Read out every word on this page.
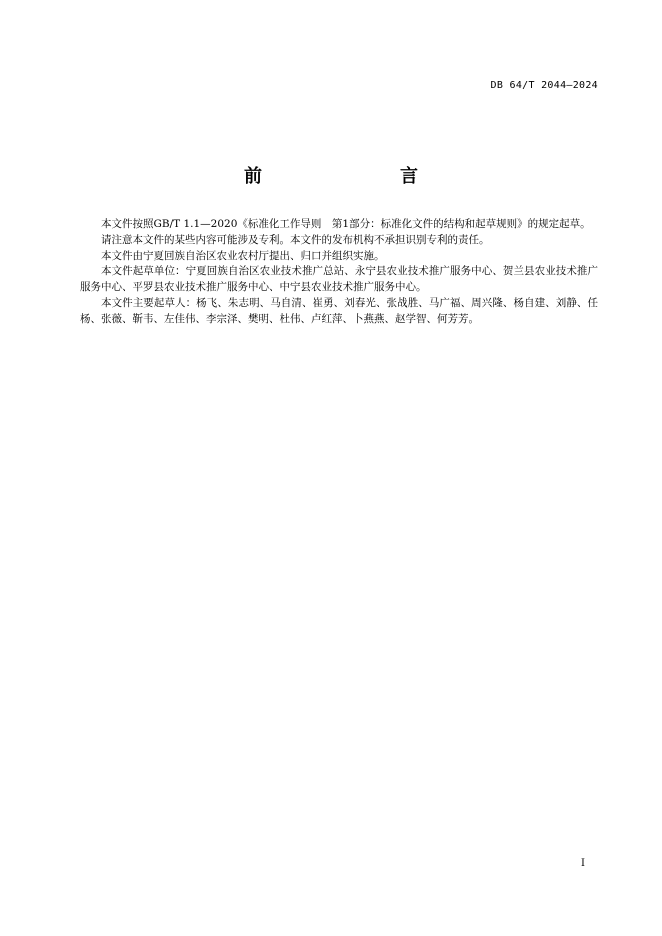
DB 64/T 2044—2024
前　　言

本文件按照GB/T 1.1—2020《标准化工作导则　第1部分：标准化文件的结构和起草规则》的规定起草。

请注意本文件的某些内容可能涉及专利。本文件的发布机构不承担识别专利的责任。

本文件由宁夏回族自治区农业农村厅提出、归口并组织实施。

本文件起草单位：宁夏回族自治区农业技术推广总站、永宁县农业技术推广服务中心、贺兰县农业技术推广服务中心、平罗县农业技术推广服务中心、中宁县农业技术推广服务中心。

本文件主要起草人：杨飞、朱志明、马自清、崔勇、刘春光、张战胜、马广福、周兴隆、杨自建、刘静、任杨、张薇、靳韦、左佳伟、李宗泽、樊明、杜伟、卢红萍、卜燕燕、赵学智、何芳芳。

I
